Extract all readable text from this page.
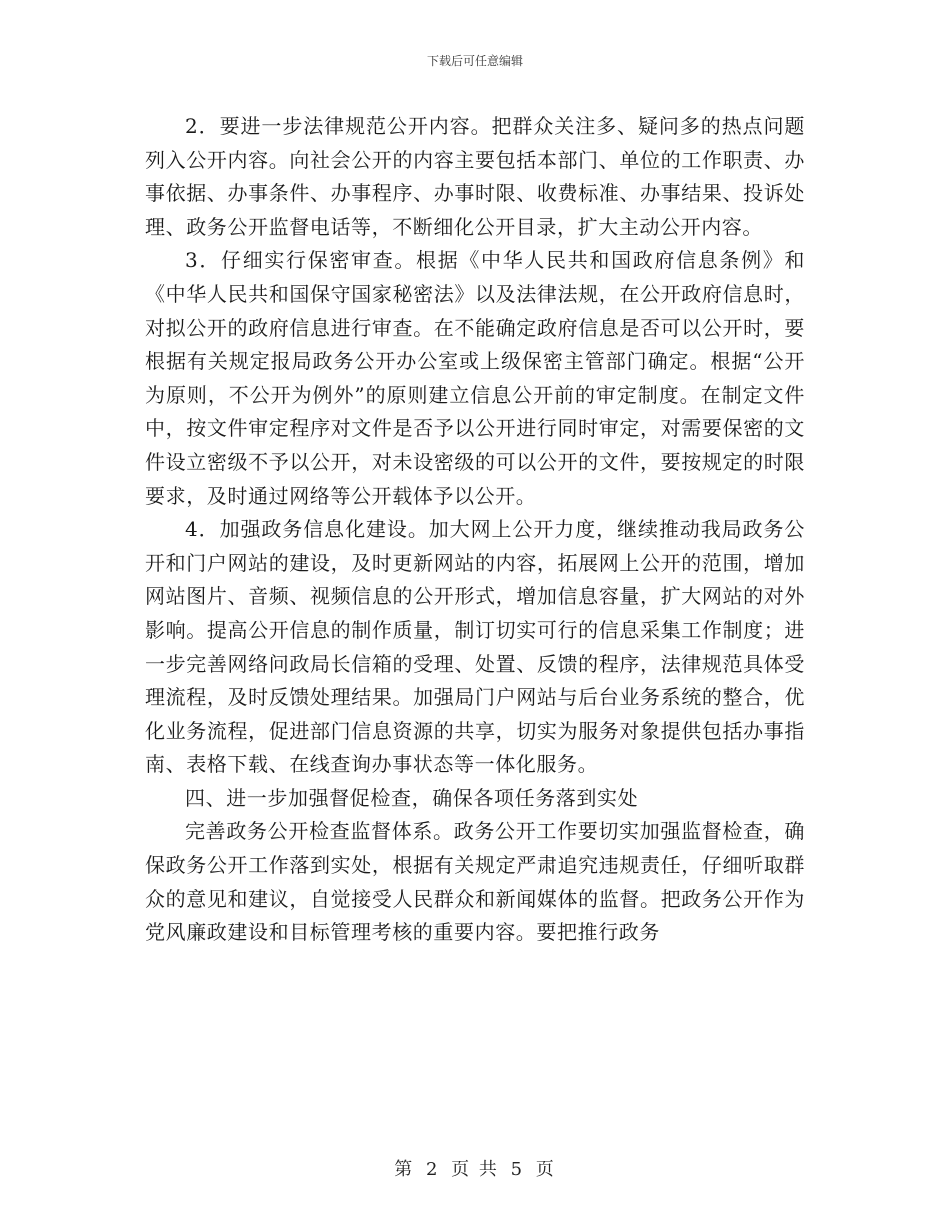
下载后可任意编辑

2．要进一步法律规范公开内容。把群众关注多、疑问多的热点问题列入公开内容。向社会公开的内容主要包括本部门、单位的工作职责、办事依据、办事条件、办事程序、办事时限、收费标准、办事结果、投诉处理、政务公开监督电话等，不断细化公开目录，扩大主动公开内容。

3．仔细实行保密审查。根据《中华人民共和国政府信息条例》和《中华人民共和国保守国家秘密法》以及法律法规，在公开政府信息时，对拟公开的政府信息进行审查。在不能确定政府信息是否可以公开时，要根据有关规定报局政务公开办公室或上级保密主管部门确定。根据“公开为原则，不公开为例外”的原则建立信息公开前的审定制度。在制定文件中，按文件审定程序对文件是否予以公开进行同时审定，对需要保密的文件设立密级不予以公开，对未设密级的可以公开的文件，要按规定的时限要求，及时通过网络等公开载体予以公开。

4．加强政务信息化建设。加大网上公开力度，继续推动我局政务公开和门户网站的建设，及时更新网站的内容，拓展网上公开的范围，增加网站图片、音频、视频信息的公开形式，增加信息容量，扩大网站的对外影响。提高公开信息的制作质量，制订切实可行的信息采集工作制度；进一步完善网络问政局长信箱的受理、处置、反馈的程序，法律规范具体受理流程，及时反馈处理结果。加强局门户网站与后台业务系统的整合，优化业务流程，促进部门信息资源的共享，切实为服务对象提供包括办事指南、表格下载、在线查询办事状态等一体化服务。

四、进一步加强督促检查，确保各项任务落到实处

完善政务公开检查监督体系。政务公开工作要切实加强监督检查，确保政务公开工作落到实处，根据有关规定严肃追究违规责任，仔细听取群众的意见和建议，自觉接受人民群众和新闻媒体的监督。把政务公开作为党风廉政建设和目标管理考核的重要内容。要把推行政务

第 2 页 共 5 页
